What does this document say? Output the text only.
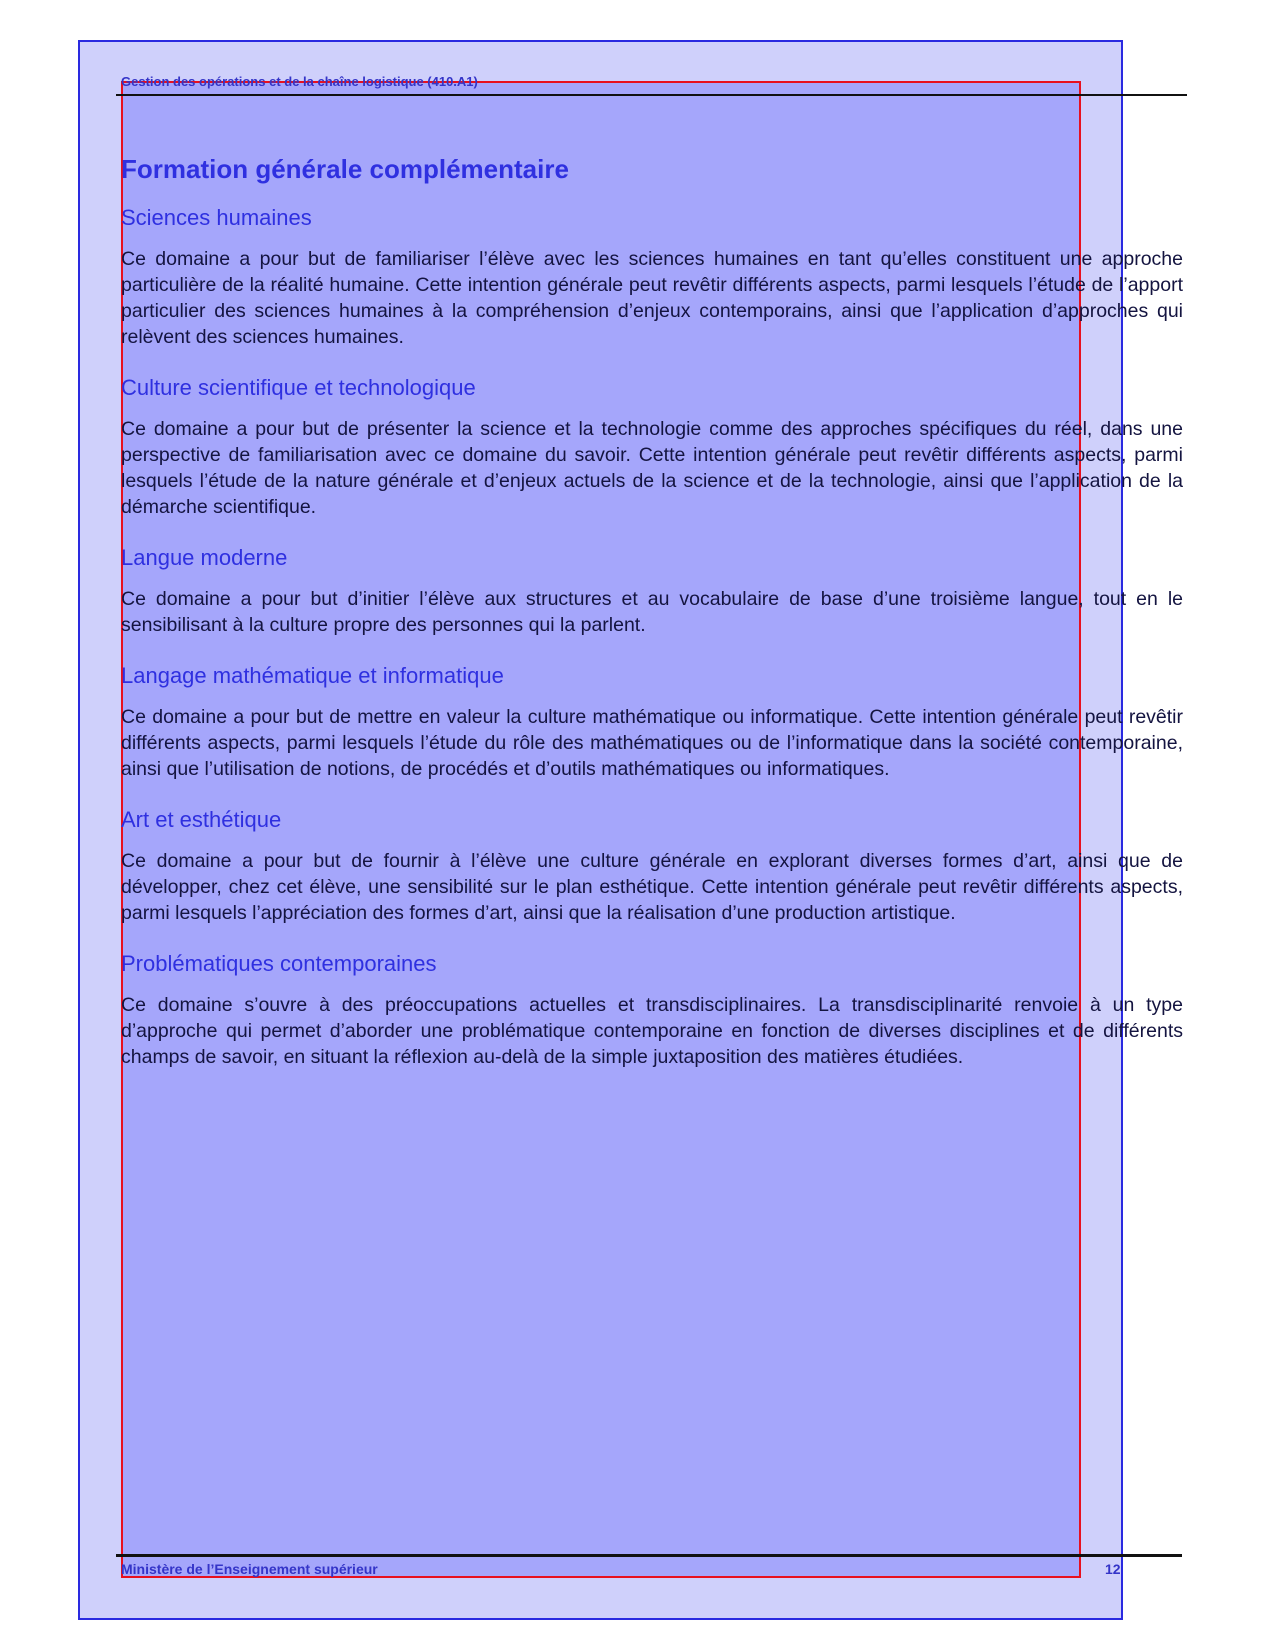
Gestion des opérations et de la chaîne logistique (410.A1)
Formation générale complémentaire
Sciences humaines

Ce domaine a pour but de familiariser l’élève avec les sciences humaines en tant qu’elles constituent une approche particulière de la réalité humaine. Cette intention générale peut revêtir différents aspects, parmi lesquels l’étude de l’apport particulier des sciences humaines à la compréhension d’enjeux contemporains, ainsi que l’application d’approches qui relèvent des sciences humaines.

Culture scientifique et technologique

Ce domaine a pour but de présenter la science et la technologie comme des approches spécifiques du réel, dans une perspective de familiarisation avec ce domaine du savoir. Cette intention générale peut revêtir différents aspects, parmi lesquels l’étude de la nature générale et d’enjeux actuels de la science et de la technologie, ainsi que l’application de la démarche scientifique.

Langue moderne

Ce domaine a pour but d’initier l’élève aux structures et au vocabulaire de base d’une troisième langue, tout en le sensibilisant à la culture propre des personnes qui la parlent.

Langage mathématique et informatique

Ce domaine a pour but de mettre en valeur la culture mathématique ou informatique. Cette intention générale peut revêtir différents aspects, parmi lesquels l’étude du rôle des mathématiques ou de l’informatique dans la société contemporaine, ainsi que l’utilisation de notions, de procédés et d’outils mathématiques ou informatiques.

Art et esthétique

Ce domaine a pour but de fournir à l’élève une culture générale en explorant diverses formes d’art, ainsi que de développer, chez cet élève, une sensibilité sur le plan esthétique. Cette intention générale peut revêtir différents aspects, parmi lesquels l’appréciation des formes d’art, ainsi que la réalisation d’une production artistique.

Problématiques contemporaines

Ce domaine s’ouvre à des préoccupations actuelles et transdisciplinaires. La transdisciplinarité renvoie à un type d’approche qui permet d’aborder une problématique contemporaine en fonction de diverses disciplines et de différents champs de savoir, en situant la réflexion au-delà de la simple juxtaposition des matières étudiées.

Ministère de l’Enseignement supérieur	12
